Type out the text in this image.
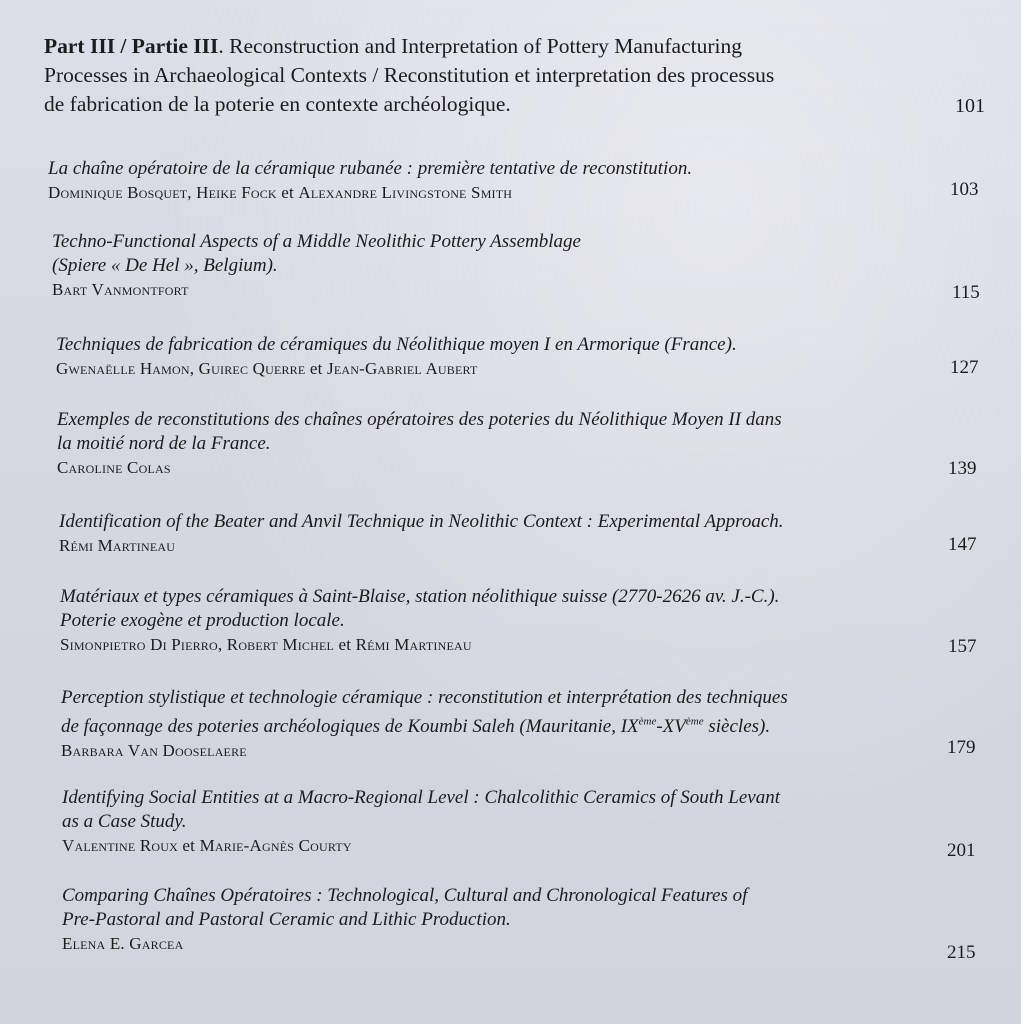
Part III / Partie III. Reconstruction and Interpretation of Pottery Manufacturing
Processes in Archaeological Contexts / Reconstitution et interpretation des processus
de fabrication de la poterie en contexte archéologique.	101
La chaîne opératoire de la céramique rubanée : première tentative de reconstitution.
Dominique Bosquet, Heike Fock et Alexandre Livingstone Smith	103
Techno-Functional Aspects of a Middle Neolithic Pottery Assemblage
(Spiere « De Hel », Belgium).
Bart Vanmontfort	115
Techniques de fabrication de céramiques du Néolithique moyen I en Armorique (France).
Gwenaëlle Hamon, Guirec Querre et Jean-Gabriel Aubert	127
Exemples de reconstitutions des chaînes opératoires des poteries du Néolithique Moyen II dans
la moitié nord de la France.
Caroline Colas	139
Identification of the Beater and Anvil Technique in Neolithic Context : Experimental Approach.
Rémi Martineau	147
Matériaux et types céramiques à Saint-Blaise, station néolithique suisse (2770-2626 av. J.-C.).
Poterie exogène et production locale.
Simonpietro Di Pierro, Robert Michel et Rémi Martineau	157
Perception stylistique et technologie céramique : reconstitution et interprétation des techniques
de façonnage des poteries archéologiques de Koumbi Saleh (Mauritanie, IXème-XVème siècles).
Barbara Van Dooselaere	179
Identifying Social Entities at a Macro-Regional Level : Chalcolithic Ceramics of South Levant
as a Case Study.
Valentine Roux et Marie-Agnès Courty	201
Comparing Chaînes Opératoires : Technological, Cultural and Chronological Features of
Pre-Pastoral and Pastoral Ceramic and Lithic Production.
Elena E. Garcea	215
